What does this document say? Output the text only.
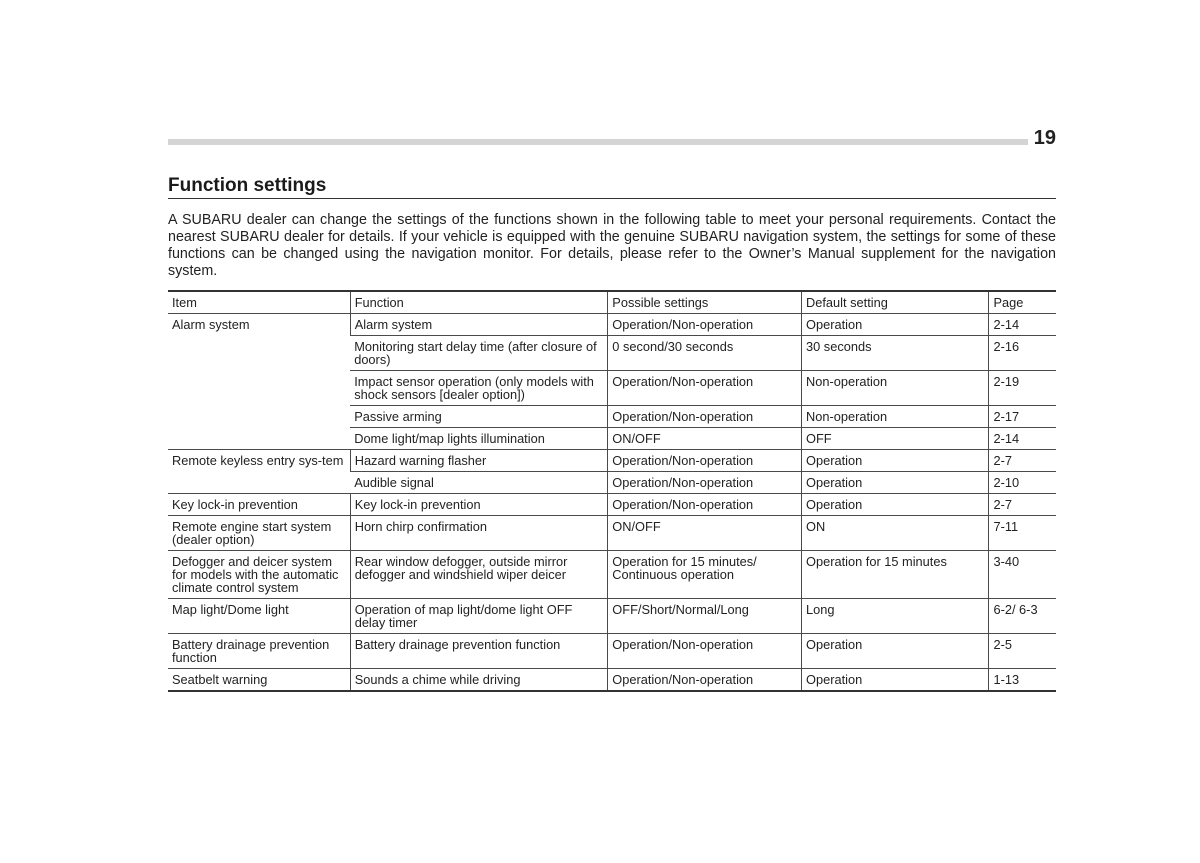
19
Function settings

A SUBARU dealer can change the settings of the functions shown in the following table to meet your personal requirements. Contact the nearest SUBARU dealer for details. If your vehicle is equipped with the genuine SUBARU navigation system, the settings for some of these functions can be changed using the navigation monitor. For details, please refer to the Owner’s Manual supplement for the navigation system.

Item	Function	Possible settings	Default setting	Page
Alarm system	Alarm system	Operation/Non-operation	Operation	2-14
	Monitoring start delay time (after closure of doors)	0 second/30 seconds	30 seconds	2-16
	Impact sensor operation (only models with shock sensors [dealer option])	Operation/Non-operation	Non-operation	2-19
	Passive arming	Operation/Non-operation	Non-operation	2-17
	Dome light/map lights illumination	ON/OFF	OFF	2-14
Remote keyless entry sys-tem	Hazard warning flasher	Operation/Non-operation	Operation	2-7
	Audible signal	Operation/Non-operation	Operation	2-10
Key lock-in prevention	Key lock-in prevention	Operation/Non-operation	Operation	2-7
Remote engine start system (dealer option)	Horn chirp confirmation	ON/OFF	ON	7-11
Defogger and deicer system for models with the automatic climate control system	Rear window defogger, outside mirror defogger and windshield wiper deicer	Operation for 15 minutes/ Continuous operation	Operation for 15 minutes	3-40
Map light/Dome light	Operation of map light/dome light OFF delay timer	OFF/Short/Normal/Long	Long	6-2/ 6-3
Battery drainage prevention function	Battery drainage prevention function	Operation/Non-operation	Operation	2-5
Seatbelt warning	Sounds a chime while driving	Operation/Non-operation	Operation	1-13
